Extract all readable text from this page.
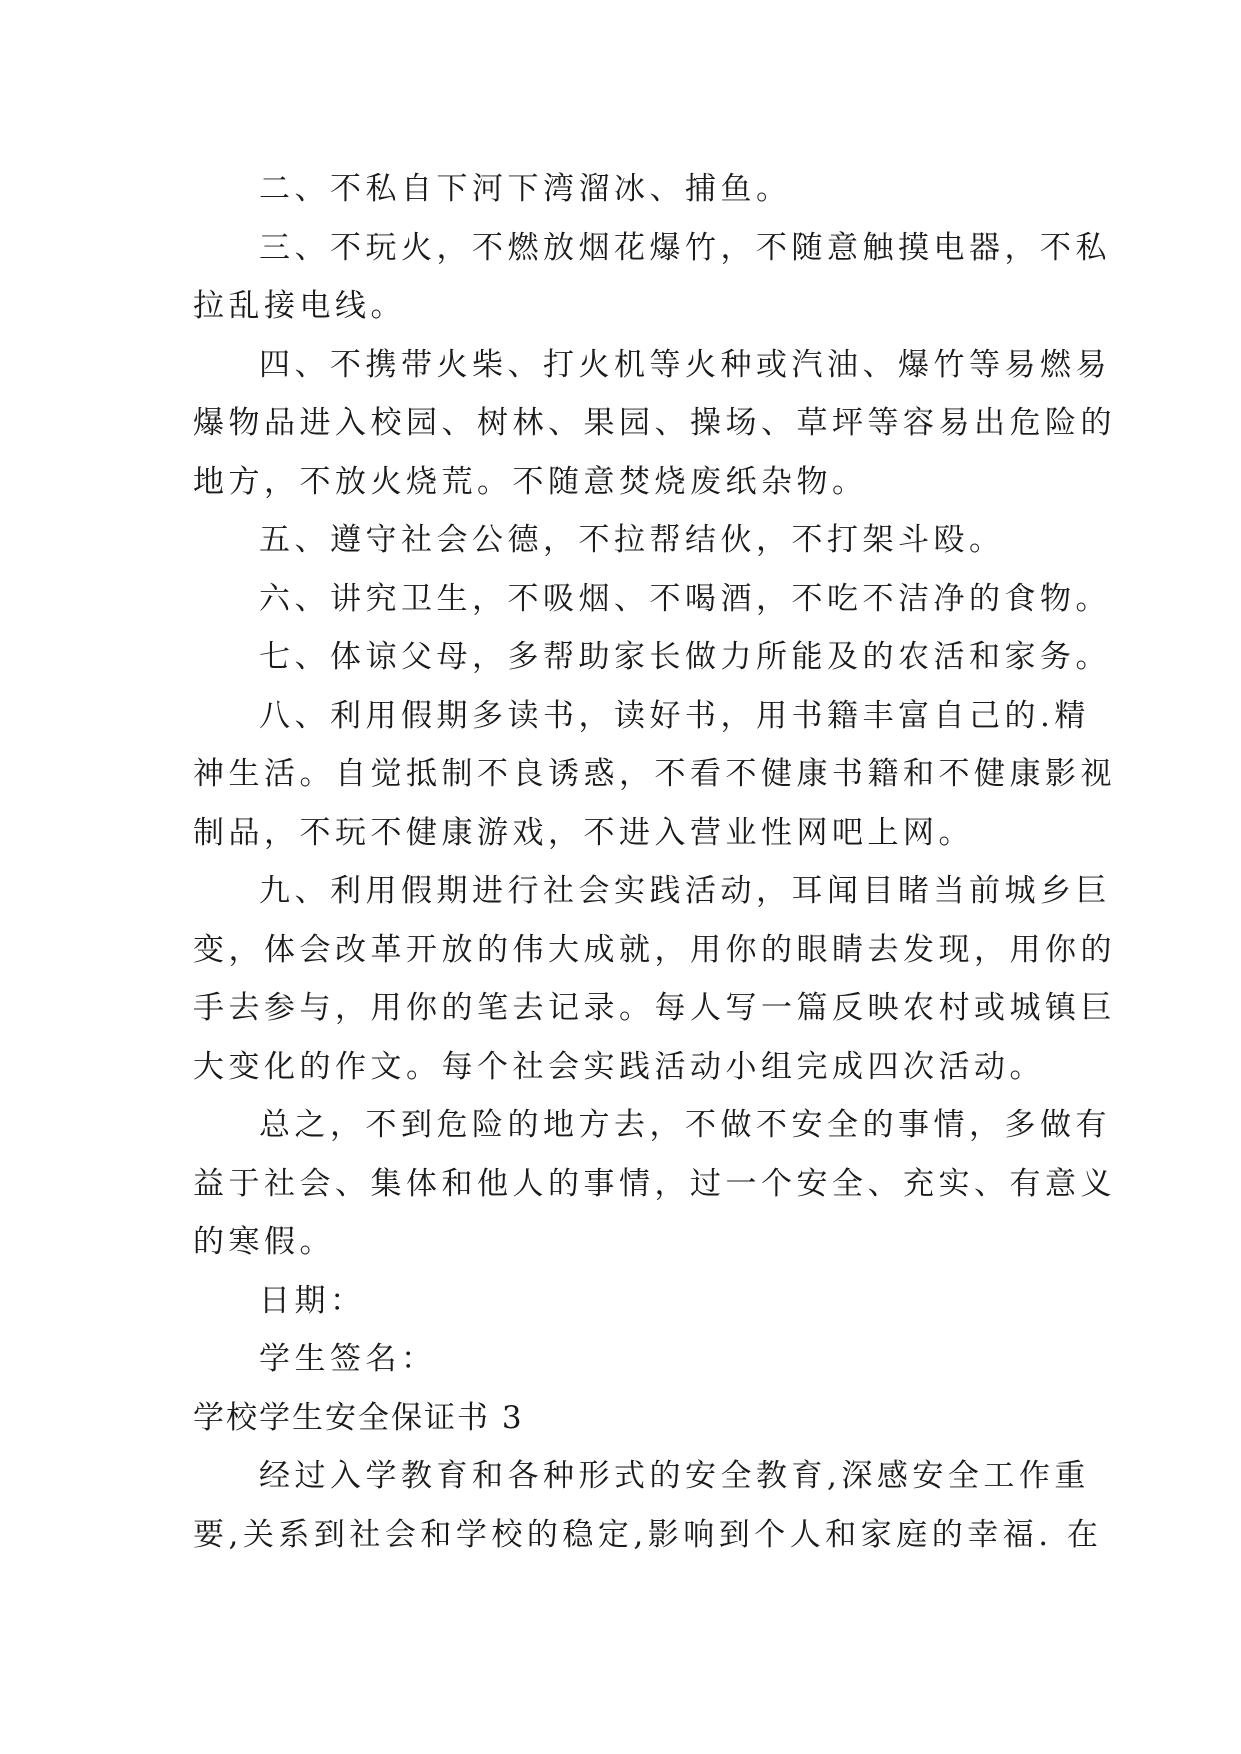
二、不私自下河下湾溜冰、捕鱼。
三、不玩火，不燃放烟花爆竹，不随意触摸电器，不私
拉乱接电线。
四、不携带火柴、打火机等火种或汽油、爆竹等易燃易
爆物品进入校园、树林、果园、操场、草坪等容易出危险的
地方，不放火烧荒。不随意焚烧废纸杂物。
五、遵守社会公德，不拉帮结伙，不打架斗殴。
六、讲究卫生，不吸烟、不喝酒，不吃不洁净的食物。
七、体谅父母，多帮助家长做力所能及的农活和家务。
八、利用假期多读书，读好书，用书籍丰富自己的.精
神生活。自觉抵制不良诱惑，不看不健康书籍和不健康影视
制品，不玩不健康游戏，不进入营业性网吧上网。
九、利用假期进行社会实践活动，耳闻目睹当前城乡巨
变，体会改革开放的伟大成就，用你的眼睛去发现，用你的
手去参与，用你的笔去记录。每人写一篇反映农村或城镇巨
大变化的作文。每个社会实践活动小组完成四次活动。
总之，不到危险的地方去，不做不安全的事情，多做有
益于社会、集体和他人的事情，过一个安全、充实、有意义
的寒假。
日期：
学生签名：
学校学生安全保证书 3
经过入学教育和各种形式的安全教育,深感安全工作重
要,关系到社会和学校的稳定,影响到个人和家庭的幸福. 在
